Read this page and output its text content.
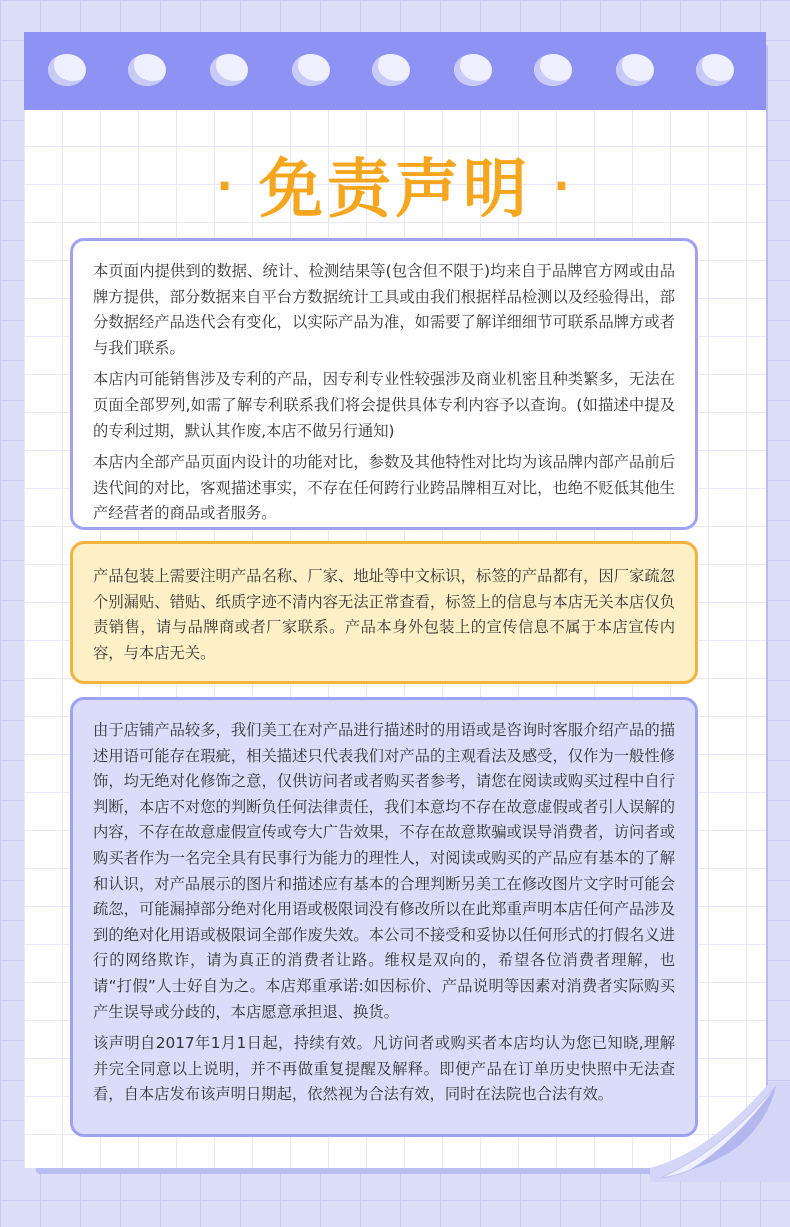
· 免责声明 ·

本页面内提供到的数据、统计、检测结果等(包含但不限于)均来自于品牌官方网或由品牌方提供，部分数据来自平台方数据统计工具或由我们根据样品检测以及经验得出，部分数据经产品迭代会有变化，以实际产品为准，如需要了解详细细节可联系品牌方或者与我们联系。

本店内可能销售涉及专利的产品，因专利专业性较强涉及商业机密且种类繁多，无法在页面全部罗列,如需了解专利联系我们将会提供具体专利内容予以查询。(如描述中提及的专利过期，默认其作废,本店不做另行通知)

本店内全部产品页面内设计的功能对比，参数及其他特性对比均为该品牌内部产品前后迭代间的对比，客观描述事实，不存在任何跨行业跨品牌相互对比，也绝不贬低其他生产经营者的商品或者服务。

产品包装上需要注明产品名称、厂家、地址等中文标识，标签的产品都有，因厂家疏忽个别漏贴、错贴、纸质字迹不清内容无法正常查看，标签上的信息与本店无关本店仅负责销售，请与品牌商或者厂家联系。产品本身外包装上的宣传信息不属于本店宣传内容，与本店无关。

由于店铺产品较多，我们美工在对产品进行描述时的用语或是咨询时客服介绍产品的描述用语可能存在瑕疵，相关描述只代表我们对产品的主观看法及感受，仅作为一般性修饰，均无绝对化修饰之意，仅供访问者或者购买者参考，请您在阅读或购买过程中自行判断，本店不对您的判断负任何法律责任，我们本意均不存在故意虚假或者引人误解的内容，不存在故意虚假宣传或夸大广告效果，不存在故意欺骗或误导消费者，访问者或购买者作为一名完全具有民事行为能力的理性人，对阅读或购买的产品应有基本的了解和认识，对产品展示的图片和描述应有基本的合理判断另美工在修改图片文字时可能会疏忽，可能漏掉部分绝对化用语或极限词没有修改所以在此郑重声明本店任何产品涉及到的绝对化用语或极限词全部作废失效。本公司不接受和妥协以任何形式的打假名义进行的网络欺诈，请为真正的消费者让路。维权是双向的，希望各位消费者理解，也请“打假”人士好自为之。本店郑重承诺:如因标价、产品说明等因素对消费者实际购买产生误导或分歧的，本店愿意承担退、换货。

该声明自2017年1月1日起，持续有效。凡访问者或购买者本店均认为您已知晓,理解并完全同意以上说明，并不再做重复提醒及解释。即便产品在订单历史快照中无法查看，自本店发布该声明日期起，依然视为合法有效，同时在法院也合法有效。
